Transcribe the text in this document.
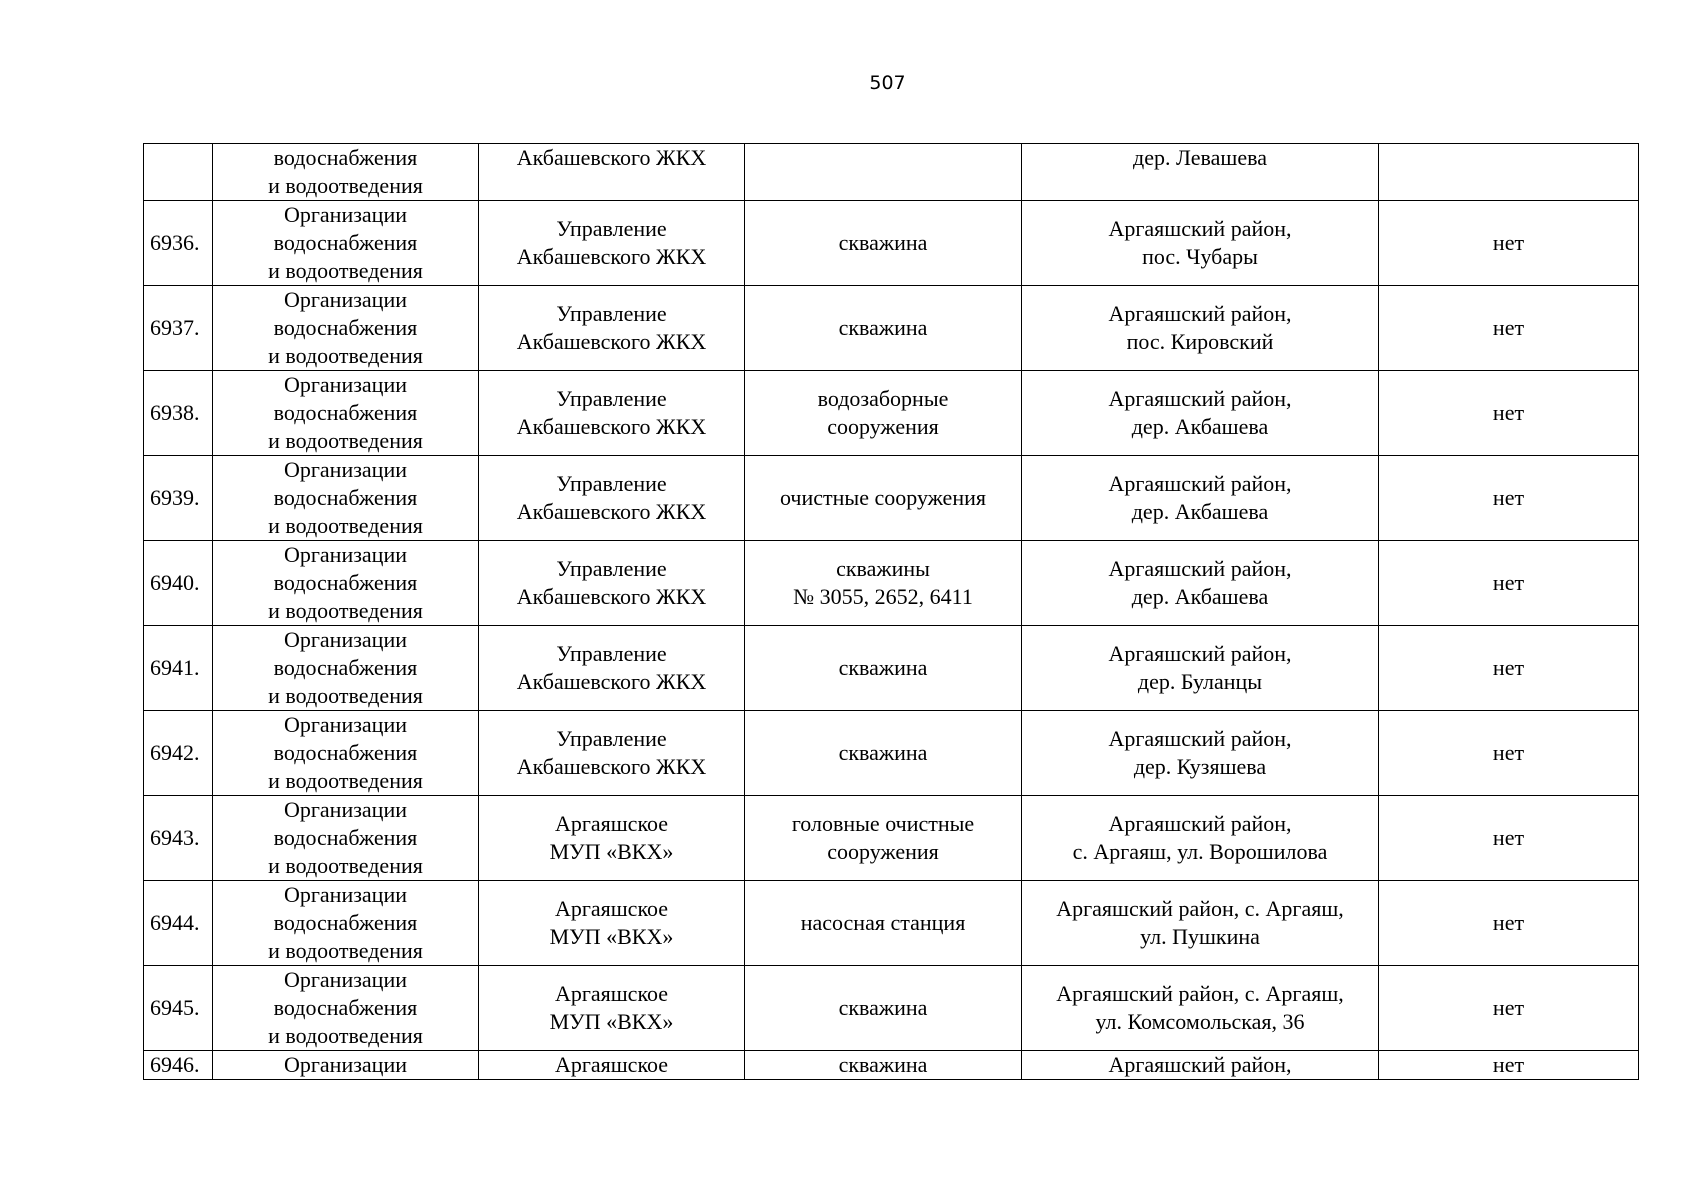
507

	водоснабжения
и водоотведения	Акбашевского ЖКХ		дер. Левашева	

6936.	Организации
водоснабжения
и водоотведения	Управление
Акбашевского ЖКХ	скважина	Аргаяшский район,
пос. Чубары	нет
6937.	Организации
водоснабжения
и водоотведения	Управление
Акбашевского ЖКХ	скважина	Аргаяшский район,
пос. Кировский	нет
6938.	Организации
водоснабжения
и водоотведения	Управление
Акбашевского ЖКХ	водозаборные
сооружения	Аргаяшский район,
дер. Акбашева	нет
6939.	Организации
водоснабжения
и водоотведения	Управление
Акбашевского ЖКХ	очистные сооружения	Аргаяшский район,
дер. Акбашева	нет
6940.	Организации
водоснабжения
и водоотведения	Управление
Акбашевского ЖКХ	скважины
№ 3055, 2652, 6411	Аргаяшский район,
дер. Акбашева	нет
6941.	Организации
водоснабжения
и водоотведения	Управление
Акбашевского ЖКХ	скважина	Аргаяшский район,
дер. Буланцы	нет
6942.	Организации
водоснабжения
и водоотведения	Управление
Акбашевского ЖКХ	скважина	Аргаяшский район,
дер. Кузяшева	нет
6943.	Организации
водоснабжения
и водоотведения	Аргаяшское
МУП «ВКХ»	головные очистные
сооружения	Аргаяшский район,
с. Аргаяш, ул. Ворошилова	нет
6944.	Организации
водоснабжения
и водоотведения	Аргаяшское
МУП «ВКХ»	насосная станция	Аргаяшский район, с. Аргаяш,
ул. Пушкина	нет
6945.	Организации
водоснабжения
и водоотведения	Аргаяшское
МУП «ВКХ»	скважина	Аргаяшский район, с. Аргаяш,
ул. Комсомольская, 36	нет
6946.	Организации	Аргаяшское	скважина	Аргаяшский район,	нет
